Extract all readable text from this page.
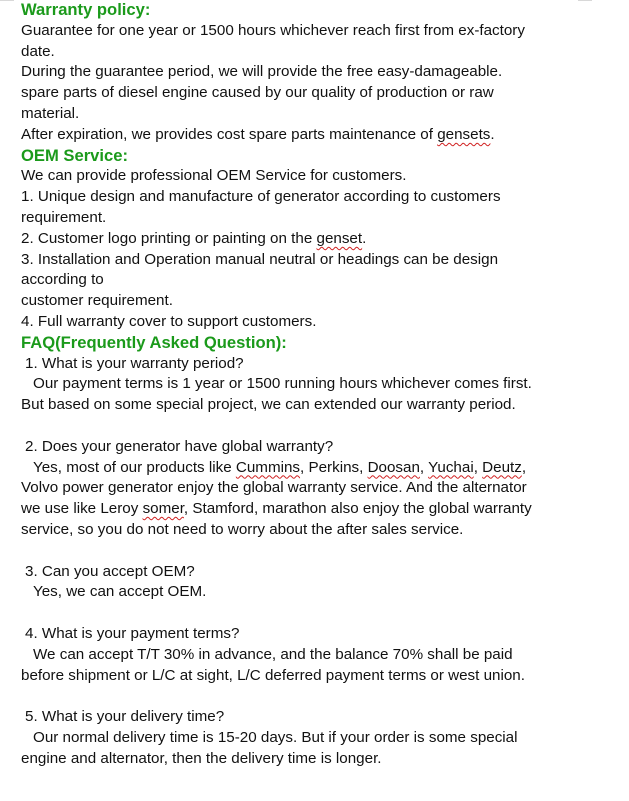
Warranty policy:
Guarantee for one year or 1500 hours whichever reach first from ex-factory
date.
During the guarantee period, we will provide the free easy-damageable.
spare parts of diesel engine caused by our quality of production or raw
material.
After expiration, we provides cost spare parts maintenance of gensets.
OEM Service:
We can provide professional OEM Service for customers.
1. Unique design and manufacture of generator according to customers
requirement.
2. Customer logo printing or painting on the genset.
3. Installation and Operation manual neutral or headings can be design
according to
customer requirement.
4. Full warranty cover to support customers.
FAQ(Frequently Asked Question):
1. What is your warranty period?
Our payment terms is 1 year or 1500 running hours whichever comes first.
But based on some special project, we can extended our warranty period.
2. Does your generator have global warranty?
Yes, most of our products like Cummins, Perkins, Doosan, Yuchai, Deutz,
Volvo power generator enjoy the global warranty service. And the alternator
we use like Leroy somer, Stamford, marathon also enjoy the global warranty
service, so you do not need to worry about the after sales service.
3. Can you accept OEM?
Yes, we can accept OEM.
4. What is your payment terms?
We can accept T/T 30% in advance, and the balance 70% shall be paid
before shipment or L/C at sight, L/C deferred payment terms or west union.
5. What is your delivery time?
Our normal delivery time is 15-20 days. But if your order is some special
engine and alternator, then the delivery time is longer.
